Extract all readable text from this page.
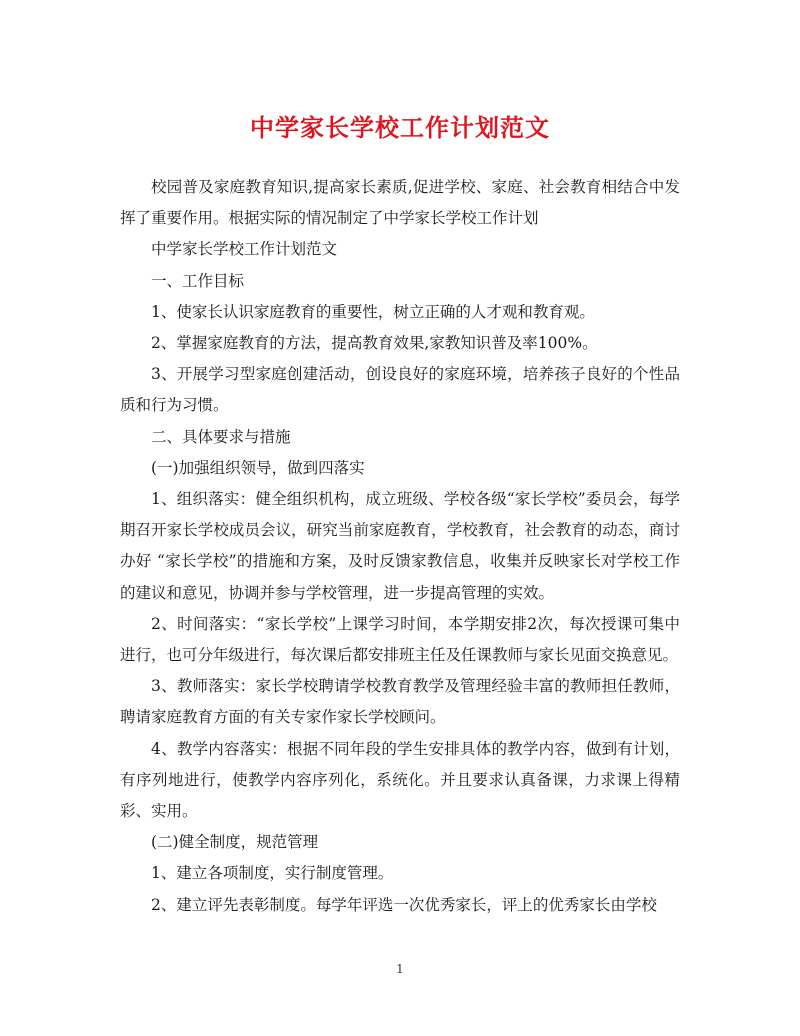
中学家长学校工作计划范文

校园普及家庭教育知识,提高家长素质,促进学校、家庭、社会教育相结合中发挥了重要作用。根据实际的情况制定了中学家长学校工作计划

中学家长学校工作计划范文

一、工作目标

1、使家长认识家庭教育的重要性，树立正确的人才观和教育观。

2、掌握家庭教育的方法，提高教育效果,家教知识普及率100%。

3、开展学习型家庭创建活动，创设良好的家庭环境，培养孩子良好的个性品质和行为习惯。

二、具体要求与措施

(一)加强组织领导，做到四落实

1、组织落实：健全组织机构，成立班级、学校各级“家长学校”委员会，每学期召开家长学校成员会议，研究当前家庭教育，学校教育，社会教育的动态，商讨办好 “家长学校”的措施和方案，及时反馈家教信息，收集并反映家长对学校工作的建议和意见，协调并参与学校管理，进一步提高管理的实效。

2、时间落实：“家长学校”上课学习时间，本学期安排2次，每次授课可集中进行，也可分年级进行，每次课后都安排班主任及任课教师与家长见面交换意见。

3、教师落实：家长学校聘请学校教育教学及管理经验丰富的教师担任教师，聘请家庭教育方面的有关专家作家长学校顾问。

4、教学内容落实：根据不同年段的学生安排具体的教学内容，做到有计划，有序列地进行，使教学内容序列化，系统化。并且要求认真备课，力求课上得精彩、实用。

(二)健全制度，规范管理

1、建立各项制度，实行制度管理。

2、建立评先表彰制度。每学年评选一次优秀家长，评上的优秀家长由学校

1
